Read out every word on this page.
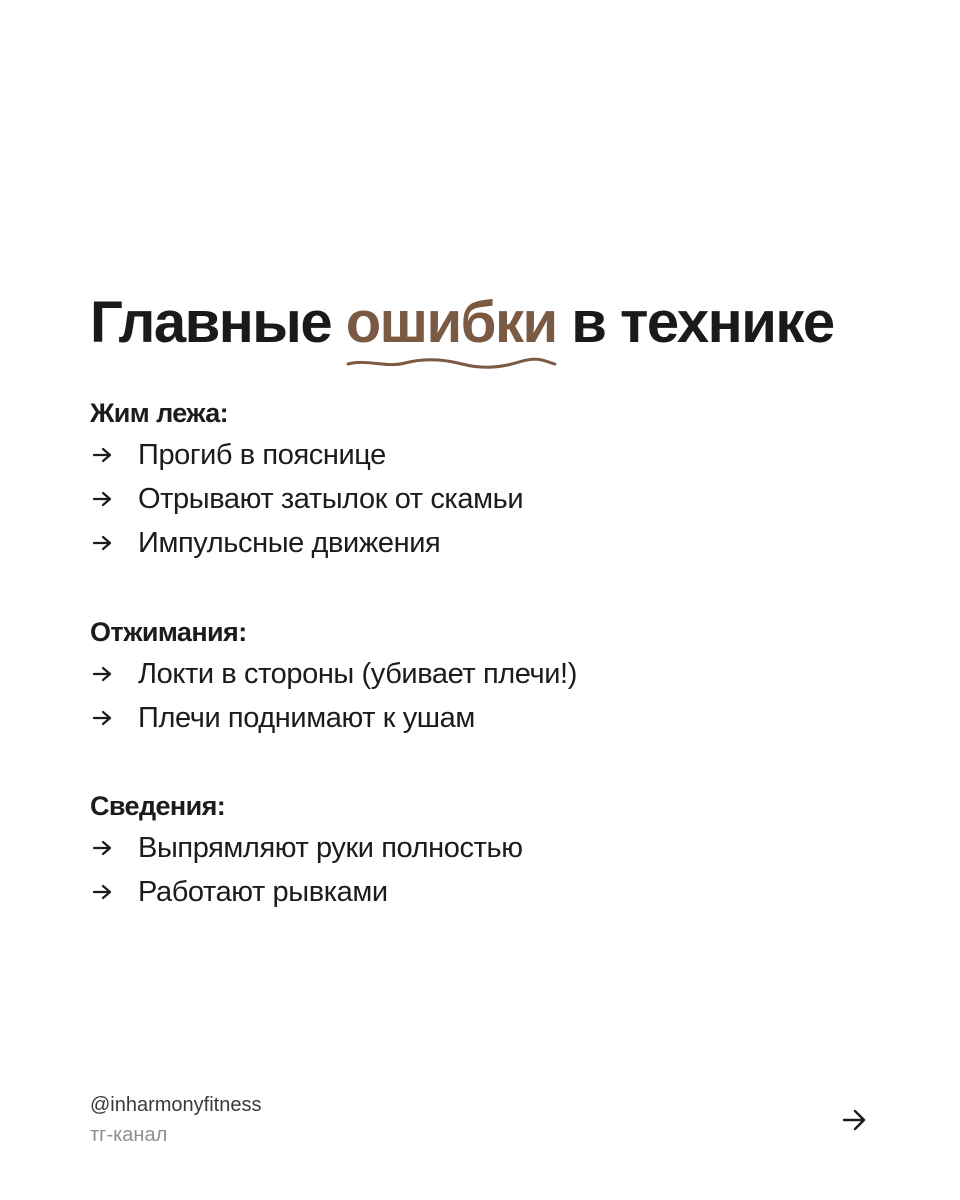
Главные ошибки
в технике
Жим лежа:
Прогиб в пояснице
Отрывают затылок от скамьи
Импульсные движения
Отжимания:
Локти в стороны (убивает плечи!)
Плечи поднимают к ушам
Сведения:
Выпрямляют руки полностью
Работают рывками
@inharmonyfitness
тг-канал
